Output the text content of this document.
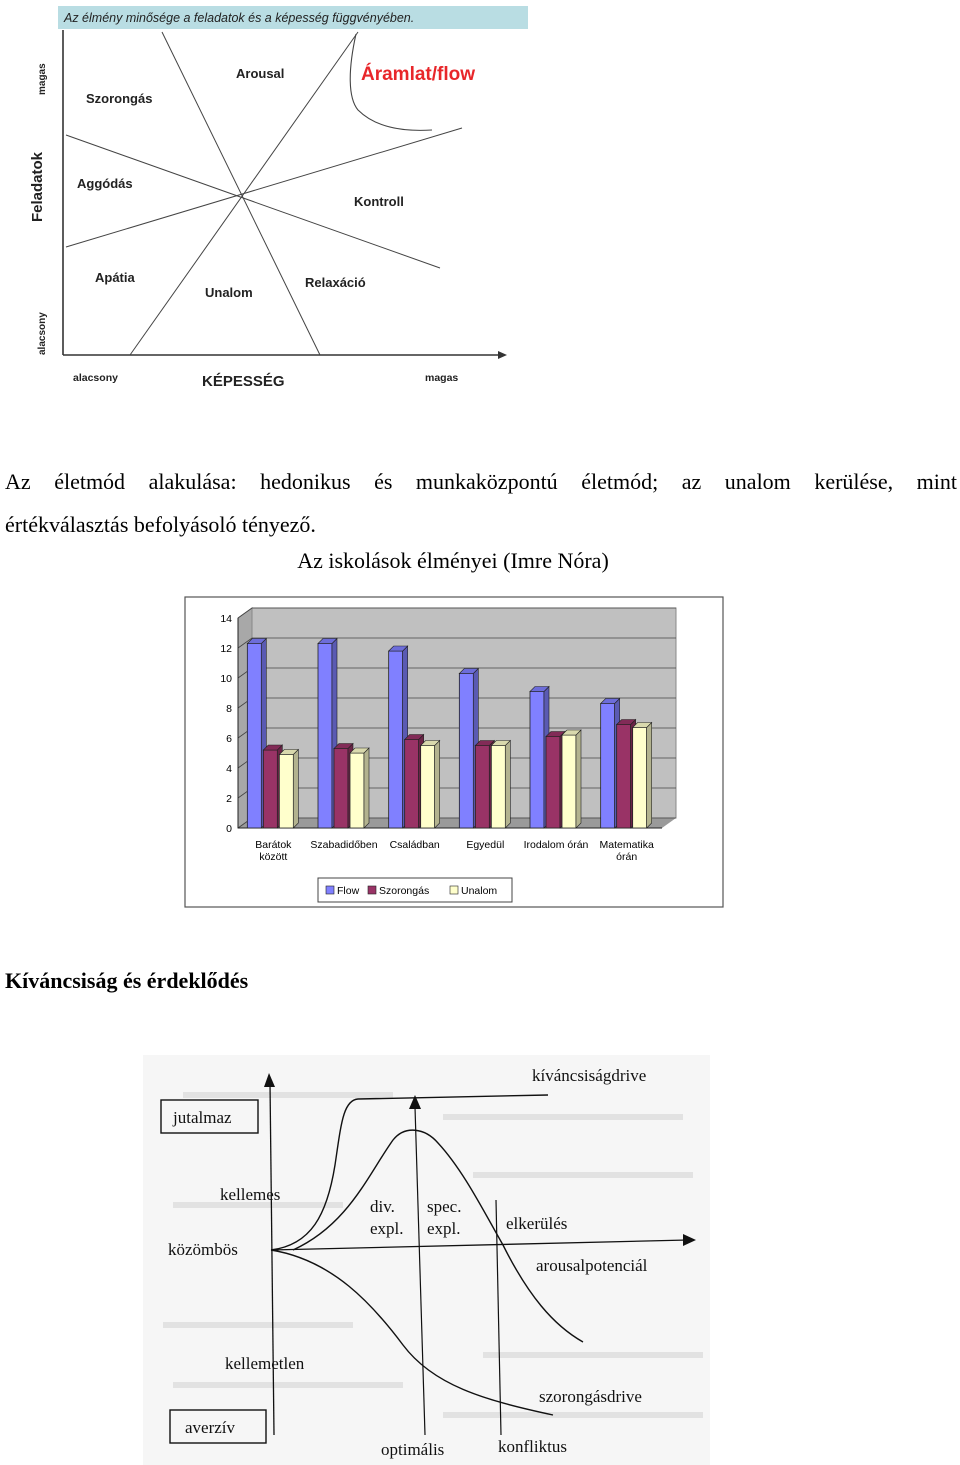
Az élmény minősége a feladatok és a képesség függvényében.
magas
Feladatok
alacsony
alacsony	KÉPESSÉG	magas
Áramlat/flow
Arousal
Szorongás
Aggódás
Kontroll
Apátia
Unalom
Relaxáció
Az életmód alakulása: hedonikus és munkaközpontú életmód; az unalom kerülése, mint
értékválasztás befolyásoló tényező.
Az iskolások élményei (Imre Nóra)
0
2
4
6
8
10
12
14
Barátok
között
Szabadidőben Családban	Egyedül Irodalom órán Matematika
órán
Flow Szorongás	Unalom
Kíváncsiság és érdeklődés
kíváncsiságdrive
jutalmaz
kellemes
közömbös
div.
expl.
spec.
expl.	elkerülés
arousalpotenciál
kellemetlen
szorongásdrive
averzív
optimális	konfliktus
